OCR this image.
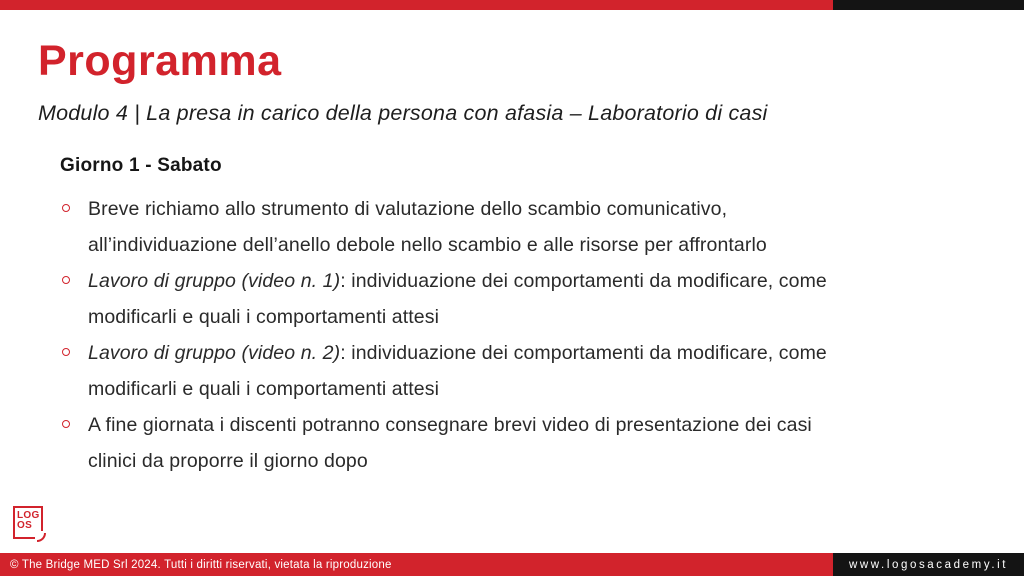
Programma
Modulo 4 | La presa in carico della persona con afasia – Laboratorio di casi
Giorno 1 - Sabato
Breve richiamo allo strumento di valutazione dello scambio comunicativo,
all’individuazione dell’anello debole nello scambio e alle risorse per affrontarlo
Lavoro di gruppo (video n. 1): individuazione dei comportamenti da modificare, come
modificarli e quali i comportamenti attesi
Lavoro di gruppo (video n. 2): individuazione dei comportamenti da modificare, come
modificarli e quali i comportamenti attesi
A fine giornata i discenti potranno consegnare brevi video di presentazione dei casi
clinici da proporre il giorno dopo
LOG
OS
© The Bridge MED Srl 2024. Tutti i diritti riservati, vietata la riproduzione	www.logosacademy.it
